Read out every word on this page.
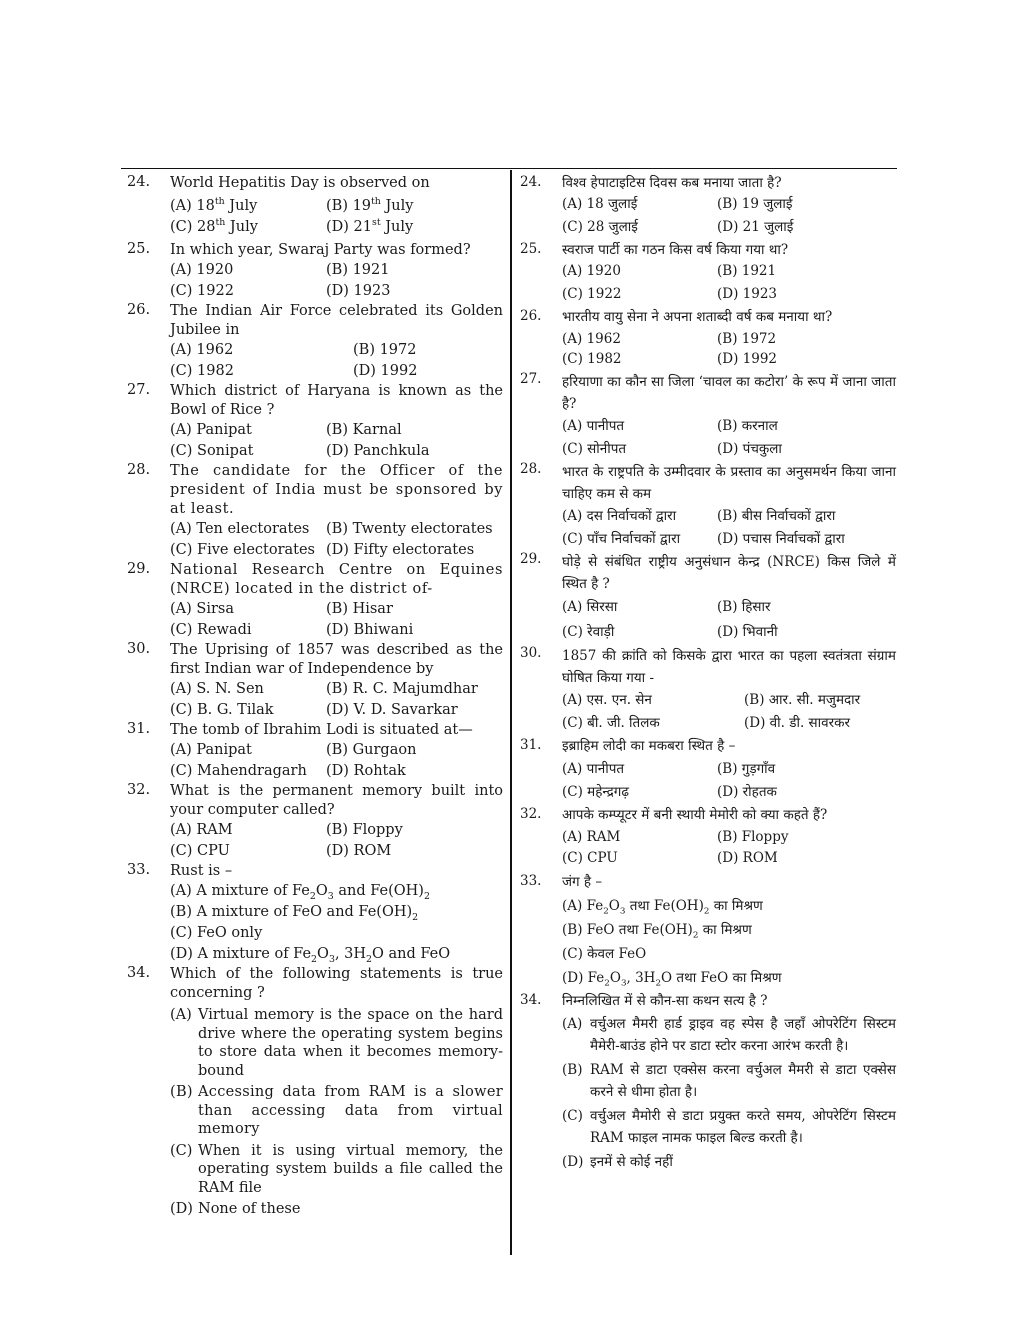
24. World Hepatitis Day is observed on
(A) 18th July	(B) 19th July
(C) 28th July	(D) 21st July
25. In which year, Swaraj Party was formed?
(A) 1920	(B) 1921
(C) 1922	(D) 1923
26. The Indian Air Force celebrated its Golden Jubilee in
(A) 1962	(B) 1972
(C) 1982	(D) 1992
27. Which district of Haryana is known as the Bowl of Rice ?
(A) Panipat	(B) Karnal
(C) Sonipat	(D) Panchkula
28. The candidate for the Officer of the president of India must be sponsored by at least.
(A) Ten electorates	(B) Twenty electorates
(C) Five electorates (D) Fifty electorates
29. National Research Centre on Equines (NRCE) located in the district of-
(A) Sirsa	(B) Hisar
(C) Rewadi	(D) Bhiwani
30. The Uprising of 1857 was described as the first Indian war of Independence by
(A) S. N. Sen	(B) R. C. Majumdhar
(C) B. G. Tilak	(D) V. D. Savarkar
31. The tomb of Ibrahim Lodi is situated at—
(A) Panipat	(B) Gurgaon
(C) Mahendragarh	(D) Rohtak
32. What is the permanent memory built into your computer called?
(A) RAM	(B) Floppy
(C) CPU	(D) ROM
33. Rust is –
(A) A mixture of $Fe_2O_3$ and $Fe(OH)_2$
(B) A mixture of FeO and $Fe(OH)_2$
(C) FeO only
(D) A mixture of $Fe_2O_3$, $3H_2O$ and FeO
34. Which of the following statements is true concerning ?
(A) Virtual memory is the space on the hard drive where the operating system begins to store data when it becomes memory-bound
(B) Accessing data from RAM is a slower than accessing data from virtual memory
(C) When it is using virtual memory, the operating system builds a file called the RAM file
(D) None of these
24. विश्व हेपाटाइटिस दिवस कब मनाया जाता है?
(A) 18 जुलाई	(B) 19 जुलाई
(C) 28 जुलाई	(D) 21 जुलाई
25. स्वराज पार्टी का गठन किस वर्ष किया गया था?
(A) 1920	(B) 1921
(C) 1922	(D) 1923
26. भारतीय वायु सेना ने अपना शताब्दी वर्ष कब मनाया था?
(A) 1962	(B) 1972
(C) 1982	(D) 1992
27. हरियाणा का कौन सा जिला ‘चावल का कटोरा’ के रूप में जाना जाता है?
(A) पानीपत	(B) करनाल
(C) सोनीपत	(D) पंचकुला
28. भारत के राष्ट्रपति के उम्मीदवार के प्रस्ताव का अनुसमर्थन किया जाना चाहिए कम से कम
(A) दस निर्वाचकों द्वारा	(B) बीस निर्वाचकों द्वारा
(C) पाँच निर्वाचकों द्वारा	(D) पचास निर्वाचकों द्वारा
29. घोड़े से संबंधित राष्ट्रीय अनुसंधान केन्द्र (NRCE) किस जिले में स्थित है ?
(A) सिरसा	(B) हिसार
(C) रेवाड़ी	(D) भिवानी
30. 1857 की क्रांति को किसके द्वारा भारत का पहला स्वतंत्रता संग्राम घोषित किया गया -
(A) एस. एन. सेन	(B) आर. सी. मजुमदार
(C) बी. जी. तिलक	(D) वी. डी. सावरकर
31. इब्राहिम लोदी का मकबरा स्थित है –
(A) पानीपत	(B) गुड़गाँव
(C) महेन्द्रगढ़	(D) रोहतक
32. आपके कम्प्यूटर में बनी स्थायी मेमोरी को क्या कहते हैं?
(A) RAM	(B) Floppy
(C) CPU	(D) ROM
33. जंग है –
(A) $Fe_2O_3$ तथा $Fe(OH)_2$ का मिश्रण
(B) FeO तथा $Fe(OH)_2$ का मिश्रण
(C) केवल FeO
(D) $Fe_2O_3$, $3H_2O$ तथा FeO का मिश्रण
34. निम्नलिखित में से कौन-सा कथन सत्य है ?
(A) वर्चुअल मैमरी हार्ड ड्राइव वह स्पेस है जहाँ ओपरेटिंग सिस्टम मैमेरी-बाउंड होने पर डाटा स्टोर करना आरंभ करती है।
(B) RAM से डाटा एक्सेस करना वर्चुअल मैमरी से डाटा एक्सेस करने से धीमा होता है।
(C) वर्चुअल मैमोरी से डाटा प्रयुक्त करते समय, ओपरेटिंग सिस्टम RAM फाइल नामक फाइल बिल्ड करती है।
(D) इनमें से कोई नहीं
